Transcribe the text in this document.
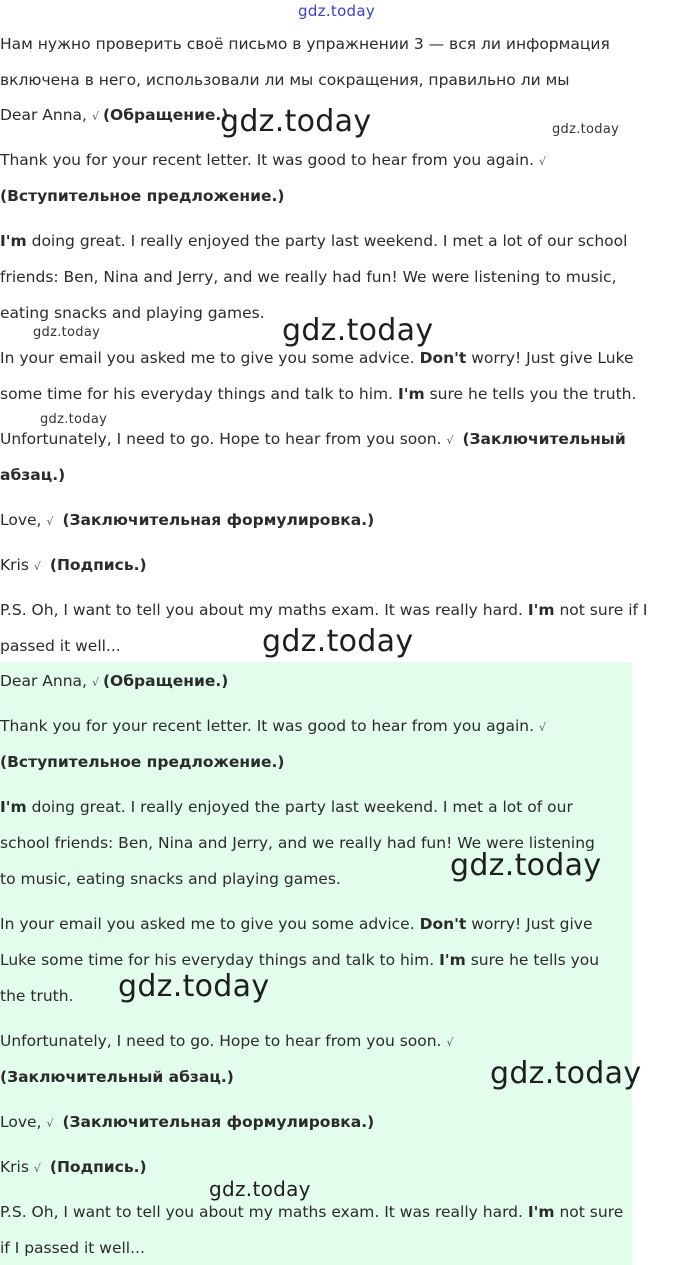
gdz.today
Нам нужно проверить своё письмо в упражнении 3 — вся ли информация
включена в него, использовали ли мы сокращения, правильно ли мы
Dear Anna, √ (Обращение.)
Thank you for your recent letter. It was good to hear from you again. √
(Вступительное предложение.)
I'm doing great. I really enjoyed the party last weekend. I met a lot of our school
friends: Ben, Nina and Jerry, and we really had fun! We were listening to music,
eating snacks and playing games.
In your email you asked me to give you some advice. Don't worry! Just give Luke
some time for his everyday things and talk to him. I'm sure he tells you the truth.
Unfortunately, I need to go. Hope to hear from you soon. √ (Заключительный
абзац.)
Love, √ (Заключительная формулировка.)
Kris √ (Подпись.)
P.S. Oh, I want to tell you about my maths exam. It was really hard. I'm not sure if I
passed it well...
Dear Anna, √ (Обращение.)
Thank you for your recent letter. It was good to hear from you again. √
(Вступительное предложение.)
I'm doing great. I really enjoyed the party last weekend. I met a lot of our
school friends: Ben, Nina and Jerry, and we really had fun! We were listening
to music, eating snacks and playing games.
In your email you asked me to give you some advice. Don't worry! Just give
Luke some time for his everyday things and talk to him. I'm sure he tells you
the truth.
Unfortunately, I need to go. Hope to hear from you soon. √
(Заключительный абзац.)
Love, √ (Заключительная формулировка.)
Kris √ (Подпись.)
P.S. Oh, I want to tell you about my maths exam. It was really hard. I'm not sure
if I passed it well...
gdz.today	gdz.today
gdz.today
gdz.today
gdz.today
gdz.today
gdz.today
gdz.today
gdz.today
gdz.today
